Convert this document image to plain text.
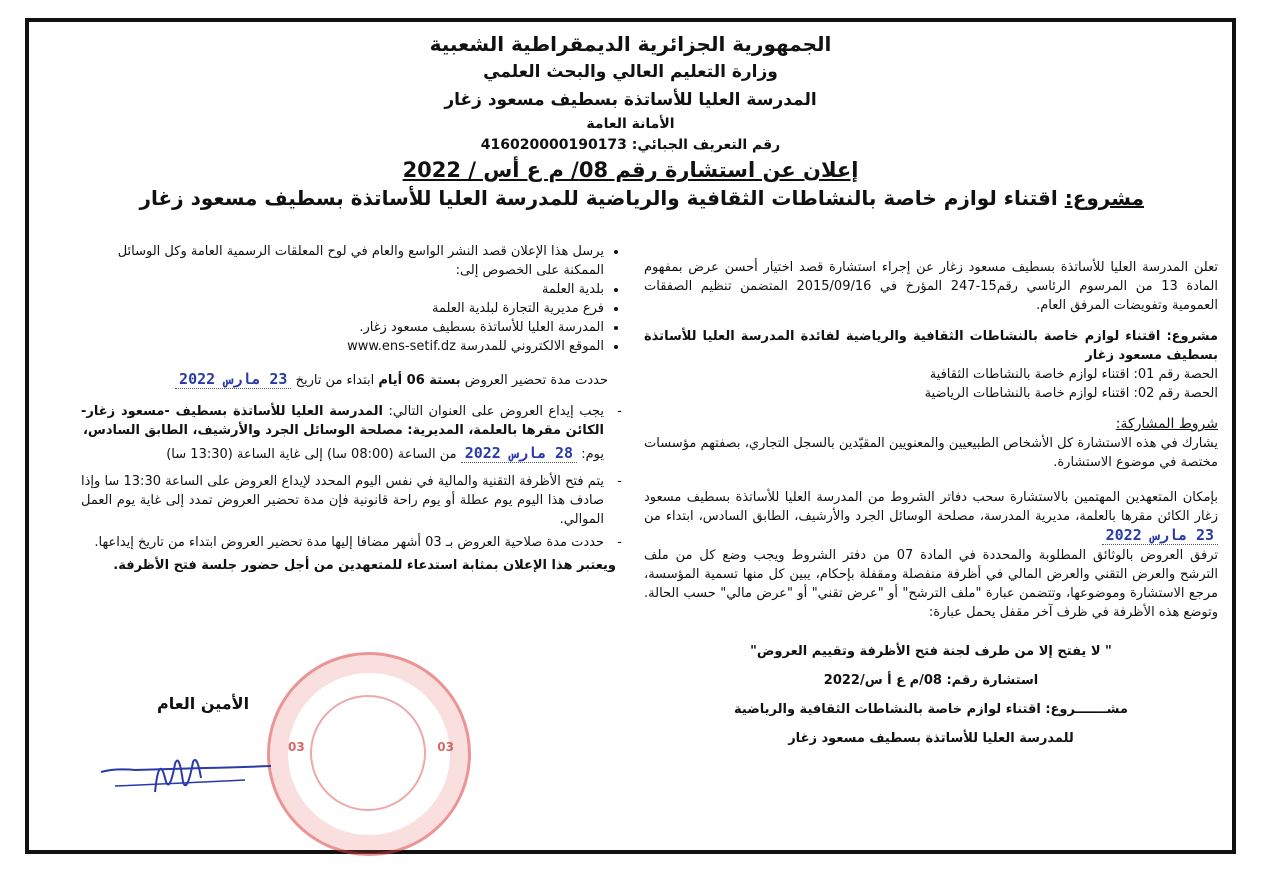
الجمهورية الجزائرية الديمقراطية الشعبية
وزارة التعليم العالي والبحث العلمي
المدرسة العليا للأساتذة بسطيف مسعود زغار
الأمانة العامة
رقم التعريف الجبائي: 416020000190173
إعلان عن استشارة رقم 08/ م ع أس / 2022
مشروع: اقتناء لوازم خاصة بالنشاطات الثقافية والرياضية للمدرسة العليا للأساتذة بسطيف مسعود زغار

تعلن المدرسة العليا للأساتذة بسطيف مسعود زغار عن إجراء استشارة قصد اختيار أحسن عرض بمفهوم المادة 13 من المرسوم الرئاسي رقم15-247 المؤرخ في 2015/09/16 المتضمن تنظيم الصفقات العمومية وتفويضات المرفق العام.

مشروع: اقتناء لوازم خاصة بالنشاطات الثقافية والرياضية لفائدة المدرسة العليا للأساتذة بسطيف مسعود زغار

الحصة رقم 01: اقتناء لوازم خاصة بالنشاطات الثقافية

الحصة رقم 02: اقتناء لوازم خاصة بالنشاطات الرياضية

شروط المشاركة:

يشارك في هذه الاستشارة كل الأشخاص الطبيعيين والمعنويين المقيّدين بالسجل التجاري، بصفتهم مؤسسات مختصة في موضوع الاستشارة.

بإمكان المتعهدين المهتمين بالاستشارة سحب دفاتر الشروط من المدرسة العليا للأساتذة بسطيف مسعود زغار الكائن مقرها بالعلمة، مديرية المدرسة، مصلحة الوسائل الجرد والأرشيف، الطابق السادس، ابتداء من 23 مارس 2022

ترفق العروض بالوثائق المطلوبة والمحددة في المادة 07 من دفتر الشروط ويجب وضع كل من ملف الترشح والعرض التقني والعرض المالي في أظرفة منفصلة ومقفلة بإحكام، يبين كل منها تسمية المؤسسة، مرجع الاستشارة وموضوعها، وتتضمن عبارة "ملف الترشح" أو "عرض تقني" أو "عرض مالي" حسب الحالة. وتوضع هذه الأظرفة في ظرف آخر مقفل يحمل عبارة:

" لا يفتح إلا من طرف لجنة فتح الأظرفة وتقييم العروض"
استشارة رقم: 08/م ع أ س/2022
مشـــــــروع: اقتناء لوازم خاصة بالنشاطات الثقافية والرياضية
للمدرسة العليا للأساتذة بسطيف مسعود زغار
• يرسل هذا الإعلان قصد النشر الواسع والعام في لوح المعلقات الرسمية العامة وكل الوسائل الممكنة على الخصوص إلى:
• بلدية العلمة
• فرع مديرية التجارة لبلدية العلمة
• المدرسة العليا للأساتذة بسطيف مسعود زغار.
• الموقع الالكتروني للمدرسة www.ens-setif.dz

حددت مدة تحضير العروض بستة 06 أيام ابتداء من تاريخ 23 مارس 2022

- يجب إيداع العروض على العنوان التالي: المدرسة العليا للأساتذة بسطيف -مسعود زغار- الكائن مقرها بالعلمة، المديرية: مصلحة الوسائل الجرد والأرشيف، الطابق السادس،
يوم: 28 مارس 2022 من الساعة (08:00 سا) إلى غاية الساعة (13:30 سا)
- يتم فتح الأظرفة التقنية والمالية في نفس اليوم المحدد لإيداع العروض على الساعة 13:30 سا وإذا صادف هذا اليوم يوم عطلة أو يوم راحة قانونية فإن مدة تحضير العروض تمدد إلى غاية يوم العمل الموالي.
- حددت مدة صلاحية العروض بـ 03 أشهر مضافا إليها مدة تحضير العروض ابتداء من تاريخ إيداعها.

ويعتبر هذا الإعلان بمثابة استدعاء للمتعهدين من أجل حضور جلسة فتح الأظرفة.

الأمين العام
03	03
